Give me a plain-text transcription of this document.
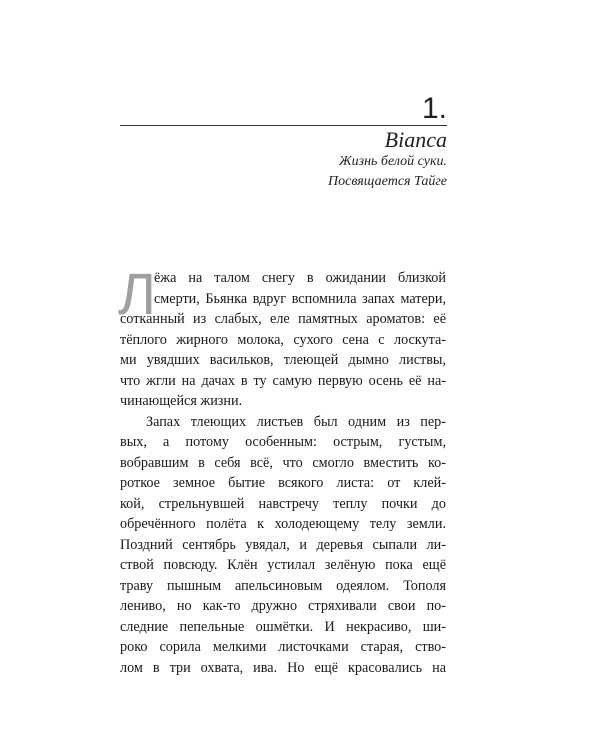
1.
Bianca
Жизнь белой суки.
Посвящается Тайге
Л
ёжа на талом снегу в ожидании близкой
смерти, Бьянка вдруг вспомнила запах матери,
сотканный из слабых, еле памятных ароматов: её
тёплого жирного молока, сухого сена с лоскута-
ми увядших васильков, тлеющей дымно листвы,
что жгли на дачах в ту самую первую осень её на-
чинающейся жизни.
Запах тлеющих листьев был одним из пер-
вых, а потому особенным: острым, густым,
вобравшим в себя всё, что смогло вместить ко-
роткое земное бытие всякого листа: от клей-
кой, стрельнувшей навстречу теплу почки до
обречённого полёта к холодеющему телу земли.
Поздний сентябрь увядал, и деревья сыпали ли-
ствой повсюду. Клён устилал зелёную пока ещё
траву пышным апельсиновым одеялом. Тополя
лениво, но как-то дружно стряхивали свои по-
следние пепельные ошмётки. И некрасиво, ши-
роко сорила мелкими листочками старая, ство-
лом в три охвата, ива. Но ещё красовались на
